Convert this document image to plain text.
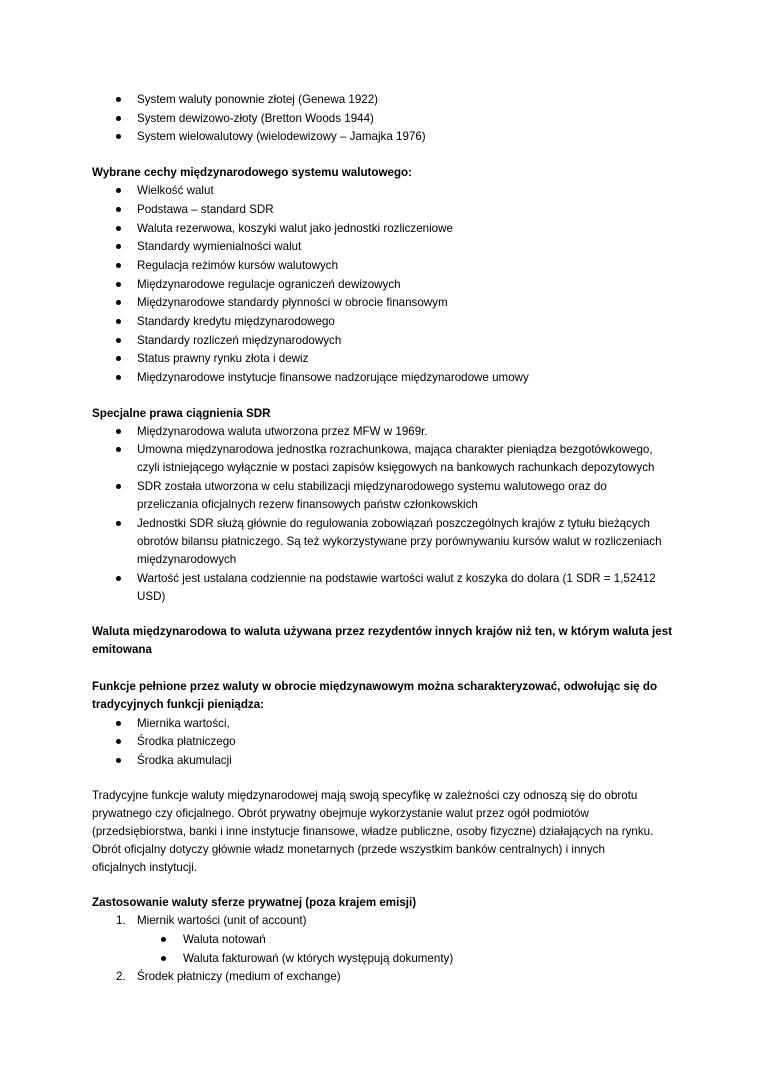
System waluty ponownie złotej (Genewa 1922)
System dewizowo-złoty (Bretton Woods 1944)
System wielowalutowy (wielodewizowy – Jamajka 1976)
Wybrane cechy międzynarodowego systemu walutowego:
Wielkość walut
Podstawa – standard SDR
Waluta rezerwowa, koszyki walut jako jednostki rozliczeniowe
Standardy wymienialności walut
Regulacja reżimów kursów walutowych
Międzynarodowe regulacje ograniczeń dewizowych
Międzynarodowe standardy płynności w obrocie finansowym
Standardy kredytu międzynarodowego
Standardy rozliczeń międzynarodowych
Status prawny rynku złota i dewiz
Międzynarodowe instytucje finansowe nadzorujące międzynarodowe umowy
Specjalne prawa ciągnienia SDR
Międzynarodowa waluta utworzona przez MFW w 1969r.
Umowna międzynarodowa jednostka rozrachunkowa, mająca charakter pieniądza bezgotówkowego,
czyli istniejącego wyłącznie w postaci zapisów księgowych na bankowych rachunkach depozytowych
SDR została utworzona w celu stabilizacji międzynarodowego systemu walutowego oraz do
przeliczania oficjalnych rezerw finansowych państw członkowskich
Jednostki SDR służą głównie do regulowania zobowiązań poszczególnych krajów z tytułu bieżących
obrotów bilansu płatniczego. Są też wykorzystywane przy porównywaniu kursów walut w rozliczeniach
międzynarodowych
Wartość jest ustalana codziennie na podstawie wartości walut z koszyka do dolara (1 SDR = 1,52412
USD)
Waluta międzynarodowa to waluta używana przez rezydentów innych krajów niż ten, w którym waluta jest
emitowana
Funkcje pełnione przez waluty w obrocie międzynawowym można scharakteryzować, odwołując się do
tradycyjnych funkcji pieniądza:
Miernika wartości,
Środka płatniczego
Środka akumulacji
Tradycyjne funkcje waluty międzynarodowej mają swoją specyfikę w zależności czy odnoszą się do obrotu
prywatnego czy oficjalnego. Obrót prywatny obejmuje wykorzystanie walut przez ogół podmiotów
(przedsiębiorstwa, banki i inne instytucje finansowe, władze publiczne, osoby fizyczne) działających na rynku.
Obrót oficjalny dotyczy głównie władz monetarnych (przede wszystkim banków centralnych) i innych
oficjalnych instytucji.
Zastosowanie waluty sferze prywatnej (poza krajem emisji)
1. Miernik wartości (unit of account)
Waluta notowań
Waluta fakturowań (w których występują dokumenty)
2. Środek płatniczy (medium of exchange)
